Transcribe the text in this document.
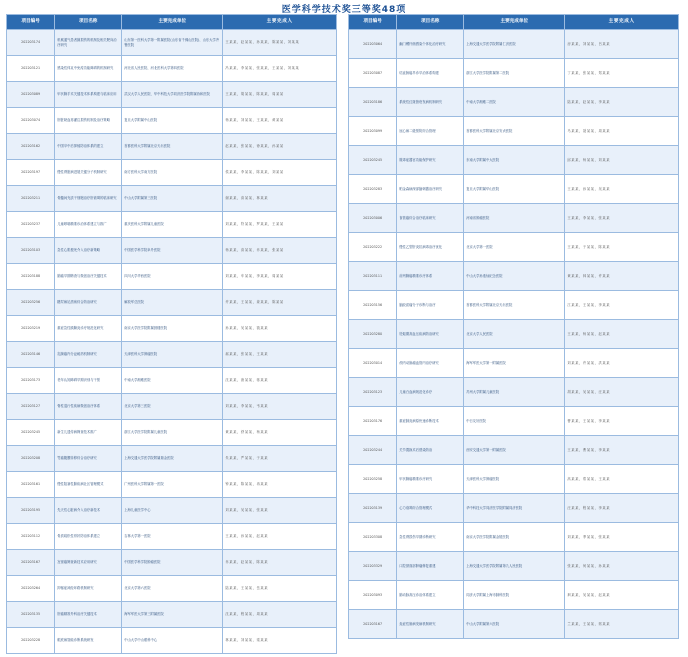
医学科学技术奖三等奖48项
项目编号	项目名称	主要完成单位	主要完成人
202203174	机械通气患者肺损伤的机制及相关靶向治疗研究	山东第一医科大学第一附属医院(山东省千佛山医院)、山东大学齐鲁医院	王某某，赵某某，孙某某，陈某某，刘某某
202203121	感染性休克中免疫功能障碍的机制研究	河北省人民医院、河北医科大学第四医院	冯某某，李某某，张某某，王某某，刘某某
202203089	甲状腺手术关键技术体系构建与临床应用	武汉大学人民医院、华中科技大学同济医学院附属协和医院	王某某，胡某某，陈某某，周某某
202203074	肝脏缺血再灌注损伤机制及治疗策略	复旦大学附属中山医院	杨某某，刘某某，王某某，黄某某
202203162	中国卒中后抑郁防治体系的建立	首都医科大学附属北京天坛医院	赵某某，张某某，徐某某，孙某某
202203197	慢性肾脏病进展关键分子机制研究	南方医科大学南方医院	侯某某，李某某，陈某某，刘某某
202203211	骨髓间充质干细胞治疗肝衰竭的临床研究	中山大学附属第三医院	谢某某，高某某，林某某
202203237	儿童哮喘精准诊治体系建立与推广	重庆医科大学附属儿童医院	刘某某，符某某，罗某某，王某某
202203103	急性心肌梗死介入治疗新策略	中国医学科学院阜外医院	杨某某，高某某，乔某某，张某某
202203188	肺癌早期筛查与微创治疗关键技术	四川大学华西医院	刘某某，车某某，李某某，周某某
202203256	糖尿病足溃疡综合防治研究	解放军总医院	许某某，王某某，姜某某，陈某某
202203219	重症急性胰腺炎诊疗规范化研究	南京大学医学院附属鼓楼医院	孙某某，吴某某，钱某某
202203146	乳腺癌内分泌耐药机制研究	天津医科大学肿瘤医院	郝某某，张某某，王某某
202203173	老年认知障碍早期识别与干预	中南大学湘雅医院	沈某某，唐某某，蒋某某
202203127	脊柱退行性疾病微创治疗体系	北京大学第三医院	刘某某，李某某，韦某某
202203245	新生儿遗传病筛查技术推广	浙江大学医学院附属儿童医院	黄某某，舒某某，杨某某
202203208	胃癌腹膜转移综合治疗研究	上海交通大学医学院附属瑞金医院	朱某某，严某某，于某某
202203161	慢性阻塞性肺疾病社区管理模式	广州医科大学附属第一医院	钟某某，陈某某，冉某某
202203195	先天性心脏病介入治疗新技术	上海儿童医学中心	刘某某，吴某某，张某某
202203112	骨质疏松性骨折防治体系建立	吉林大学第一医院	王某某，孙某某，赵某某
202203167	宫颈癌筛查新技术应用研究	中国医学科学院肿瘤医院	乔某某，赵某某，陈某某
202203264	抑郁症神经环路机制研究	北京大学第六医院	陆某某，王某某，岳某某
202203135	肝癌精准外科治疗关键技术	海军军医大学第三附属医院	沈某某，程某某，周某某
202203228	眼底病智能诊断系统研发	中山大学中山眼科中心	林某某，刘某某，梁某某
项目编号	项目名称	主要完成单位	主要完成人
202203064	幽门螺杆菌感染个体化治疗研究	上海交通大学医学院附属仁济医院	房某某，刘某某，吕某某
202203087	结直肠癌早诊早治体系构建	浙江大学医学院附属第二医院	丁某某，张某某，郑某某
202203186	系统性红斑狼疮发病机制研究	中南大学湘雅二医院	陆某某，赵某某，李某某
202203099	冠心病二级预防综合管理	首都医科大学附属北京安贞医院	马某某，聂某某，周某某
202203245	脓毒症器官功能保护研究	东南大学附属中大医院	邱某某，杨某某，刘某某
202203283	帕金森病深部脑刺激治疗研究	复旦大学附属华山医院	王某某，孙某某，吴某某
202203006	食管癌综合治疗临床研究	河南省肿瘤医院	王某某，李某某，张某某
202203222	慢性乙型肝炎抗病毒治疗优化	北京大学第一医院	王某某，于某某，陈某某
202203111	前列腺癌精准诊疗体系	中山大学孙逸仙纪念医院	黄某某，林某某，许某某
202203156	脑胶质瘤分子诊断与治疗	首都医科大学附属北京天坛医院	江某某，王某某，李某某
202203280	妊娠期高血压疾病防治研究	北京大学人民医院	王某某，杨某某，赵某某
202203014	颅内动脉瘤血管内治疗研究	海军军医大学第一附属医院	刘某某，许某某，洪某某
202203123	儿童白血病规范化诊疗	苏州大学附属儿童医院	胡某某，吴某某，汪某某
202203176	重症肺炎病原快速诊断技术	中日友好医院	曹某某，王某某，李某某
202203244	关节置换术后感染防治	西安交通大学第一附属医院	王某某，曹某某，李某某
202203258	甲状腺癌精准诊疗研究	天津医科大学肿瘤医院	高某某，郑某某，王某某
202203139	心力衰竭综合管理模式	华中科技大学同济医学院附属同济医院	汪某某，程某某，李某某
202203308	急性肾损伤早期诊断研究	南京大学医学院附属金陵医院	刘某某，季某某，张某某
202203329	口腔颌面部肿瘤修复重建	上海交通大学医学院附属第九人民医院	张某某，何某某，孙某某
202203093	肺动脉高压诊治体系建立	同济大学附属上海市肺科医院	荆某某，吴某某，赵某某
202203167	炎症性肠病发病机制研究	中山大学附属第六医院	兰某某，王某某，郭某某
